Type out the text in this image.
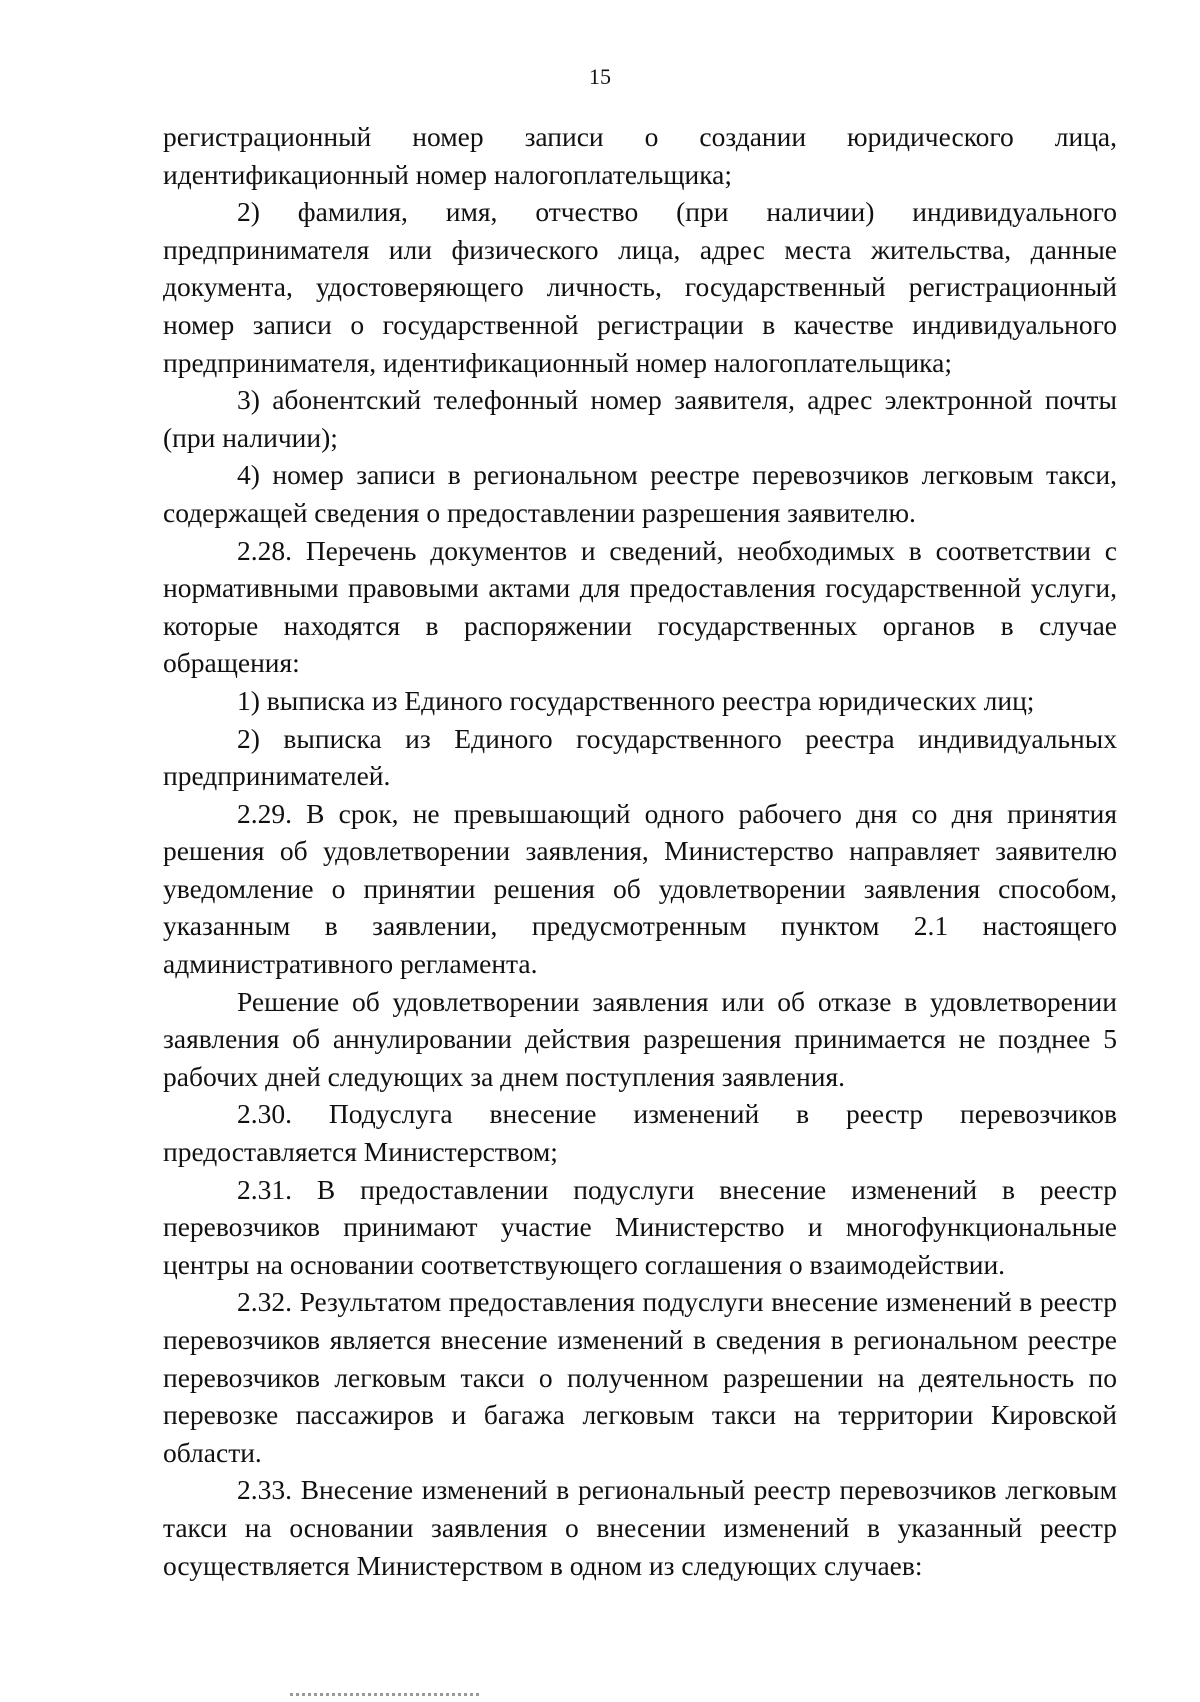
15

регистрационный номер записи о создании юридического лица, идентификационный номер налогоплательщика;

2) фамилия, имя, отчество (при наличии) индивидуального предпринимателя или физического лица, адрес места жительства, данные документа, удостоверяющего личность, государственный регистрационный номер записи о государственной регистрации в качестве индивидуального предпринимателя, идентификационный номер налогоплательщика;

3) абонентский телефонный номер заявителя, адрес электронной почты (при наличии);

4) номер записи в региональном реестре перевозчиков легковым такси, содержащей сведения о предоставлении разрешения заявителю.

2.28. Перечень документов и сведений, необходимых в соответствии с нормативными правовыми актами для предоставления государственной услуги, которые находятся в распоряжении государственных органов в случае обращения:

1) выписка из Единого государственного реестра юридических лиц;

2) выписка из Единого государственного реестра индивидуальных предпринимателей.

2.29. В срок, не превышающий одного рабочего дня со дня принятия решения об удовлетворении заявления, Министерство направляет заявителю уведомление о принятии решения об удовлетворении заявления способом, указанным в заявлении, предусмотренным пунктом 2.1 настоящего административного регламента.

Решение об удовлетворении заявления или об отказе в удовлетворении заявления об аннулировании действия разрешения принимается не позднее 5 рабочих дней следующих за днем поступления заявления.

2.30. Подуслуга внесение изменений в реестр перевозчиков предоставляется Министерством;

2.31. В предоставлении подуслуги внесение изменений в реестр перевозчиков принимают участие Министерство и многофункциональные центры на основании соответствующего соглашения о взаимодействии.

2.32. Результатом предоставления подуслуги внесение изменений в реестр перевозчиков является внесение изменений в сведения в региональном реестре перевозчиков легковым такси о полученном разрешении на деятельность по перевозке пассажиров и багажа легковым такси на территории Кировской области.

2.33. Внесение изменений в региональный реестр перевозчиков легковым такси на основании заявления о внесении изменений в указанный реестр осуществляется Министерством в одном из следующих случаев:
